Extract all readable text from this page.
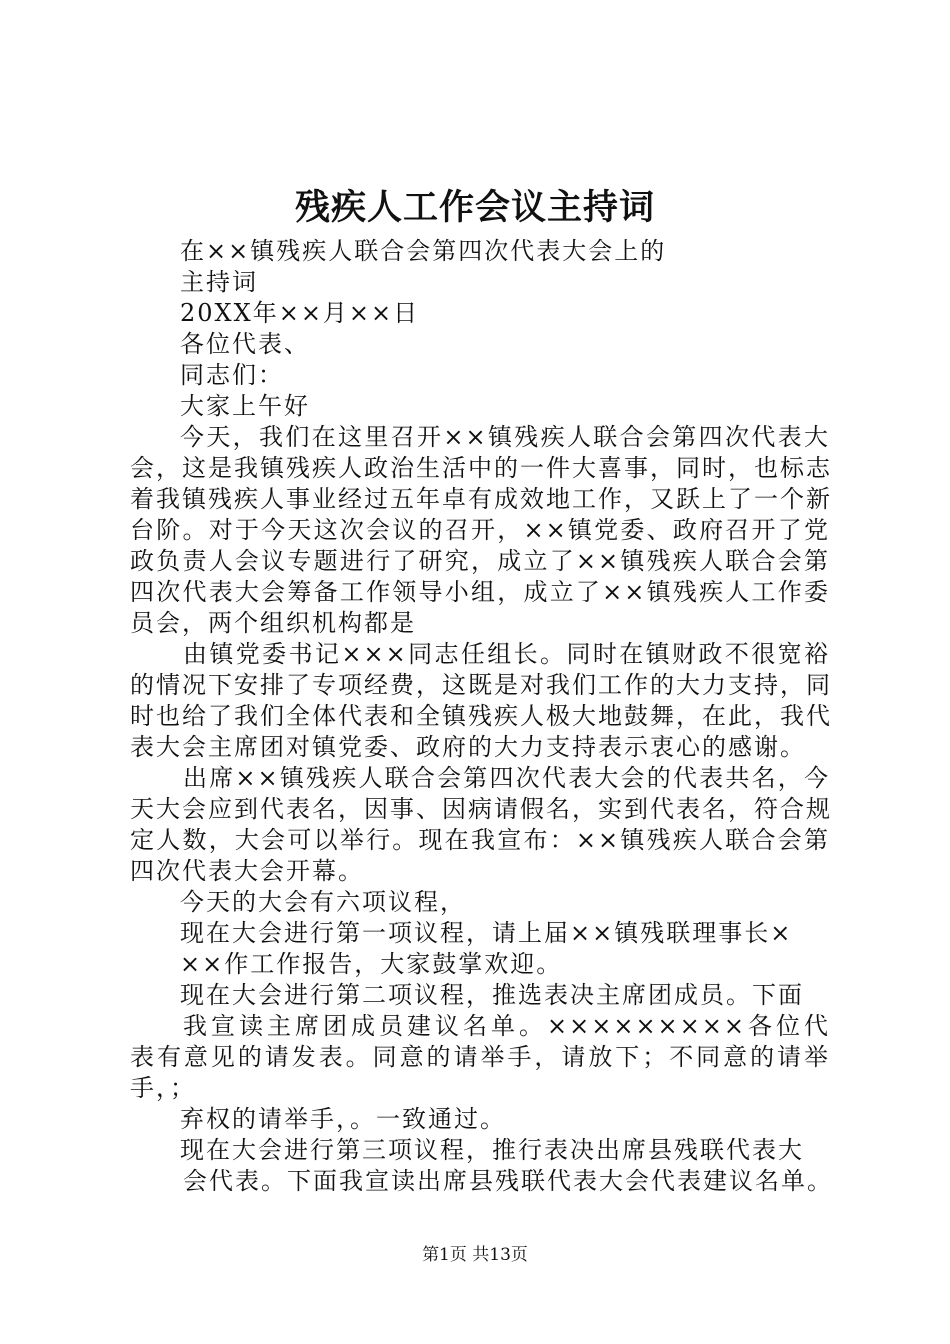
残疾人工作会议主持词
在××镇残疾人联合会第四次代表大会上的
主持词
20XX年××月××日
各位代表、
同志们：
大家上午好
今天，我们在这里召开××镇残疾人联合会第四次代表大
会，这是我镇残疾人政治生活中的一件大喜事，同时，也标志
着我镇残疾人事业经过五年卓有成效地工作，又跃上了一个新
台阶。对于今天这次会议的召开，××镇党委、政府召开了党
政负责人会议专题进行了研究，成立了××镇残疾人联合会第
四次代表大会筹备工作领导小组，成立了××镇残疾人工作委
员会，两个组织机构都是
由镇党委书记×××同志任组长。同时在镇财政不很宽裕
的情况下安排了专项经费，这既是对我们工作的大力支持，同
时也给了我们全体代表和全镇残疾人极大地鼓舞，在此，我代
表大会主席团对镇党委、政府的大力支持表示衷心的感谢。
出席××镇残疾人联合会第四次代表大会的代表共名，今
天大会应到代表名，因事、因病请假名，实到代表名，符合规
定人数，大会可以举行。现在我宣布：××镇残疾人联合会第
四次代表大会开幕。
今天的大会有六项议程，
现在大会进行第一项议程，请上届××镇残联理事长×
××作工作报告，大家鼓掌欢迎。
现在大会进行第二项议程，推选表决主席团成员。下面
我宣读主席团成员建议名单。×××××××××各位代
表有意见的请发表。同意的请举手，请放下；不同意的请举
手，；
弃权的请举手，。一致通过。
现在大会进行第三项议程，推行表决出席县残联代表大
会代表。下面我宣读出席县残联代表大会代表建议名单。
第1页 共13页
